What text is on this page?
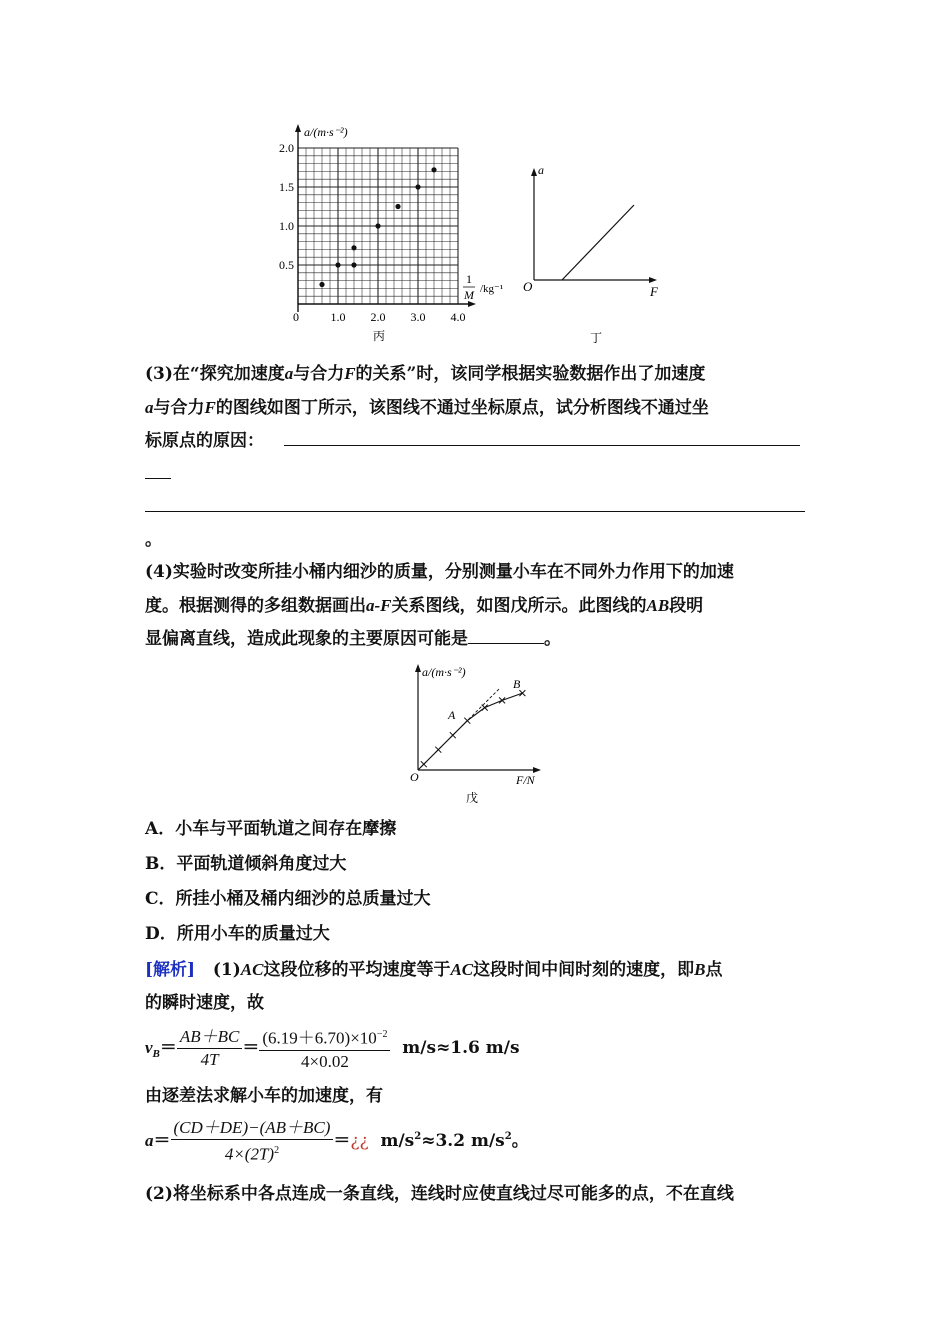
a/(m·s⁻²)
1
M /kg⁻¹
2.0
1.5
1.0
0.5
0	1.0 2.0 3.0 4.0
丙
a
F
O
丁
(3)在“探究加速度a与合力F的关系”时，该同学根据实验数据作出了加速度
a与合力F的图线如图丁所示，该图线不通过坐标原点，试分析图线不通过坐
标原点的原因：
。
(4)实验时改变所挂小桶内细沙的质量，分别测量小车在不同外力作用下的加速
度。根据测得的多组数据画出a-F关系图线，如图戊所示。此图线的AB段明
显偏离直线，造成此现象的主要原因可能是	。
a/(m·s⁻²)
A
B
O	F/N
戊
A．小车与平面轨道之间存在摩擦
B．平面轨道倾斜角度过大
C．所挂小桶及桶内细沙的总质量过大
D．所用小车的质量过大
[解析] (1)AC这段位移的平均速度等于AC这段时间中间时刻的速度，即B点
的瞬时速度，故
$v_B= \frac{AB+BC}{4T} = \frac{(6.19+6.70)\times 10^{-2}}{4\times 0.02} m/s\approx 1.6$ m/s
由逐差法求解小车的加速度，有
$a= \frac{(CD+DE)-(AB+BC)}{4\times(2T)^2}$ ＝¿¿ $m/s^2\approx 3.2$ $m/s^2$。
(2)将坐标系中各点连成一条直线，连线时应使直线过尽可能多的点，不在直线
